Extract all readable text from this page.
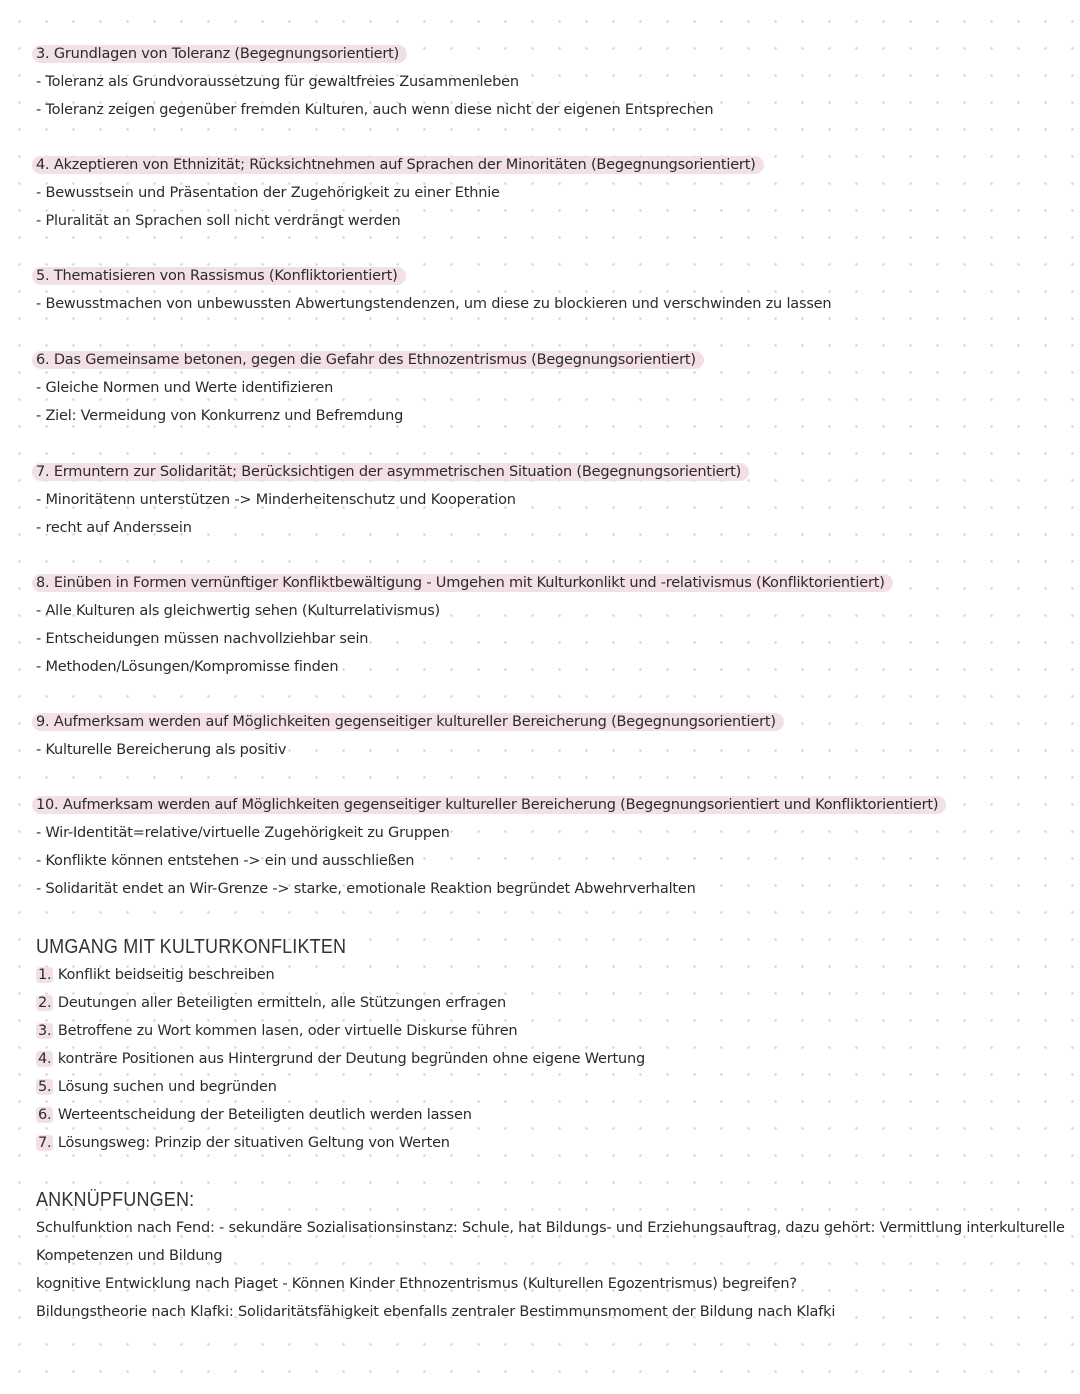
3. Grundlagen von Toleranz (Begegnungsorientiert)
- Toleranz als Grundvoraussetzung für gewaltfreies Zusammenleben
- Toleranz zeigen gegenüber fremden Kulturen, auch wenn diese nicht der eigenen Entsprechen
4. Akzeptieren von Ethnizität; Rücksichtnehmen auf Sprachen der Minoritäten (Begegnungsorientiert)
- Bewusstsein und Präsentation der Zugehörigkeit zu einer Ethnie
- Pluralität an Sprachen soll nicht verdrängt werden
5. Thematisieren von Rassismus (Konfliktorientiert)
- Bewusstmachen von unbewussten Abwertungstendenzen, um diese zu blockieren und verschwinden zu lassen
6. Das Gemeinsame betonen, gegen die Gefahr des Ethnozentrismus (Begegnungsorientiert)
- Gleiche Normen und Werte identifizieren
- Ziel: Vermeidung von Konkurrenz und Befremdung
7. Ermuntern zur Solidarität; Berücksichtigen der asymmetrischen Situation (Begegnungsorientiert)
- Minoritätenn unterstützen -> Minderheitenschutz und Kooperation
- recht auf Anderssein
8. Einüben in Formen vernünftiger Konfliktbewältigung - Umgehen mit Kulturkonlikt und -relativismus (Konfliktorientiert)
- Alle Kulturen als gleichwertig sehen (Kulturrelativismus)
- Entscheidungen müssen nachvollziehbar sein
- Methoden/Lösungen/Kompromisse finden
9. Aufmerksam werden auf Möglichkeiten gegenseitiger kultureller Bereicherung (Begegnungsorientiert)
- Kulturelle Bereicherung als positiv
10. Aufmerksam werden auf Möglichkeiten gegenseitiger kultureller Bereicherung (Begegnungsorientiert und Konfliktorientiert)
- Wir-Identität=relative/virtuelle Zugehörigkeit zu Gruppen
- Konflikte können entstehen -> ein und ausschließen
- Solidarität endet an Wir-Grenze -> starke, emotionale Reaktion begründet Abwehrverhalten
UMGANG MIT KULTURKONFLIKTEN
1. Konflikt beidseitig beschreiben
2. Deutungen aller Beteiligten ermitteln, alle Stützungen erfragen
3. Betroffene zu Wort kommen lasen, oder virtuelle Diskurse führen
4. konträre Positionen aus Hintergrund der Deutung begründen ohne eigene Wertung
5. Lösung suchen und begründen
6. Werteentscheidung der Beteiligten deutlich werden lassen
7. Lösungsweg: Prinzip der situativen Geltung von Werten
ANKNÜPFUNGEN:
Schulfunktion nach Fend: - sekundäre Sozialisationsinstanz: Schule, hat Bildungs- und Erziehungsauftrag, dazu gehört: Vermittlung interkulturelle
Kompetenzen und Bildung
kognitive Entwicklung nach Piaget - Können Kinder Ethnozentrismus (Kulturellen Egozentrismus) begreifen?
Bildungstheorie nach Klafki: Solidaritätsfähigkeit ebenfalls zentraler Bestimmunsmoment der Bildung nach Klafki
